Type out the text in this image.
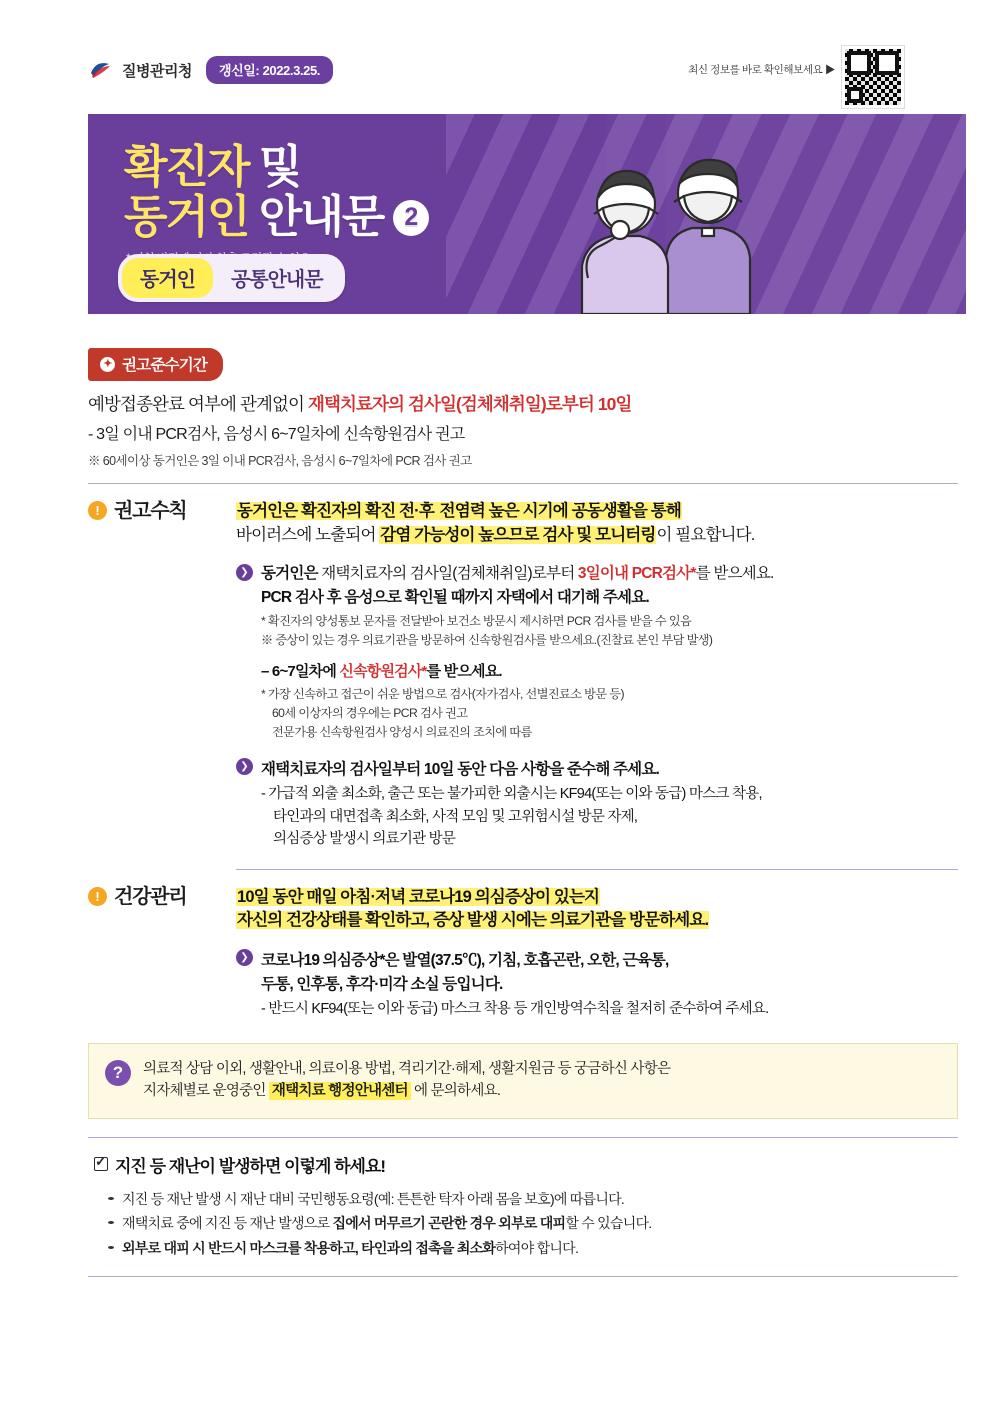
질병관리청	갱신일: 2022.3.25.	최신 정보를 바로 확인해보세요 ▶
확진자 및
동거인 안내문 2
동거인	공통안내문
✦ 권고준수기간
예방접종완료 여부에 관계없이 재택치료자의 검사일(검체채취일)로부터 10일
- 3일 이내 PCR검사, 음성시 6~7일차에 신속항원검사 권고
※ 60세이상 동거인은 3일 이내 PCR검사, 음성시 6~7일차에 PCR 검사 권고
! 권고수칙	동거인은 확진자의 확진 전·후 전염력 높은 시기에 공동생활을 통해
바이러스에 노출되어 감염 가능성이 높으므로 검사 및 모니터링이 필요합니다.
❯ 동거인은 재택치료자의 검사일(검체채취일)로부터 3일이내 PCR검사*를 받으세요.
PCR 검사 후 음성으로 확인될 때까지 자택에서 대기해 주세요.
* 확진자의 양성통보 문자를 전달받아 보건소 방문시 제시하면 PCR 검사를 받을 수 있음
※ 증상이 있는 경우 의료기관을 방문하여 신속항원검사를 받으세요.(진찰료 본인 부담 발생)
– 6~7일차에 신속항원검사*를 받으세요.
* 가장 신속하고 접근이 쉬운 방법으로 검사(자가검사, 선별진료소 방문 등)
60세 이상자의 경우에는 PCR 검사 권고
전문가용 신속항원검사 양성시 의료진의 조치에 따름
❯ 재택치료자의 검사일부터 10일 동안 다음 사항을 준수해 주세요.
- 가급적 외출 최소화, 출근 또는 불가피한 외출시는 KF94(또는 이와 동급) 마스크 착용,
타인과의 대면접촉 최소화, 사적 모임 및 고위험시설 방문 자제,
의심증상 발생시 의료기관 방문
! 건강관리	10일 동안 매일 아침·저녁 코로나19 의심증상이 있는지
자신의 건강상태를 확인하고, 증상 발생 시에는 의료기관을 방문하세요.
❯ 코로나19 의심증상*은 발열(37.5℃), 기침, 호흡곤란, 오한, 근육통,
두통, 인후통, 후각·미각 소실 등입니다.
- 반드시 KF94(또는 이와 동급) 마스크 착용 등 개인방역수칙을 철저히 준수하여 주세요.
?	의료적 상담 이외, 생활안내, 의료이용 방법, 격리기간·해제, 생활지원금 등 궁금하신 사항은
지자체별로 운영중인 재택치료 행정안내센터 에 문의하세요.
✓
지진 등 재난이 발생하면 이렇게 하세요!
지진 등 재난 발생 시 재난 대비 국민행동요령(예: 튼튼한 탁자 아래 몸을 보호)에 따릅니다.
재택치료 중에 지진 등 재난 발생으로 집에서 머무르기 곤란한 경우 외부로 대피할 수 있습니다.
외부로 대피 시 반드시 마스크를 착용하고, 타인과의 접촉을 최소화하여야 합니다.
